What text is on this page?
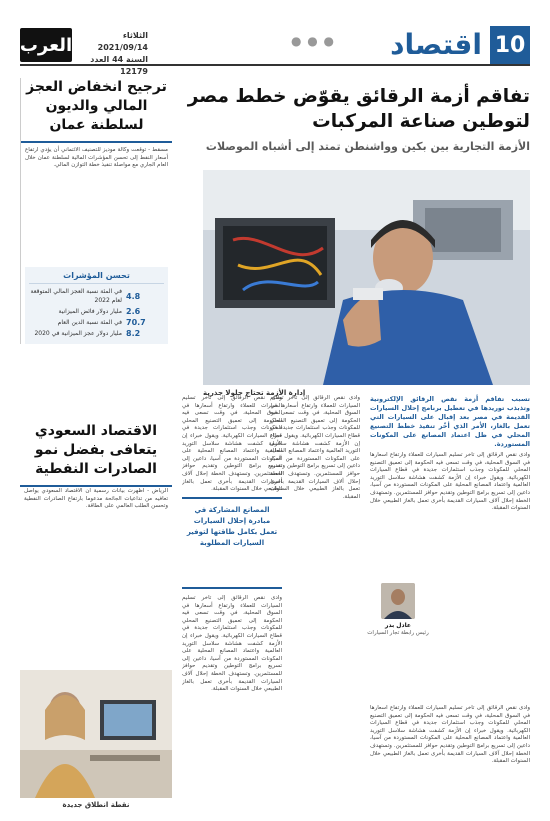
10
اقتصاد
● ● ●
العرب	الثلاثاء 2021/09/14
السنة 44 العدد 12179
تفاقم أزمة الرقائق يقوّض خطط مصر لتوطين صناعة المركبات
الأزمة التجارية بين بكين وواشنطن تمتد إلى أشباه الموصلات
إدارة الأزمة تحتاج حلولا جذرية
تسبب تفاقم أزمة نقص الرقائق الإلكترونية وتذبذب توريدها في تعطيل برنامج إحلال السيارات القديمة في مصر بعد إقبال على السيارات التي تعمل بالغاز، الأمر الذي أخّر تنفيذ خطط التصنيع المحلي في ظل اعتماد المصانع على المكونات المستوردة.
وأدى نقص الرقائق إلى تأخر تسليم السيارات للعملاء وارتفاع أسعارها في السوق المحلية، في وقت تسعى فيه الحكومة إلى تعميق التصنيع المحلي للمكونات وجذب استثمارات جديدة في قطاع السيارات الكهربائية. ويقول خبراء إن الأزمة كشفت هشاشة سلاسل التوريد العالمية واعتماد المصانع المحلية على المكونات المستوردة من آسيا، داعين إلى تسريع برامج التوطين وتقديم حوافز للمستثمرين. وتستهدف الخطة إحلال آلاف السيارات القديمة بأخرى تعمل بالغاز الطبيعي خلال السنوات المقبلة.
وأدى نقص الرقائق إلى تأخر تسليم السيارات للعملاء وارتفاع أسعارها في السوق المحلية، في وقت تسعى فيه الحكومة إلى تعميق التصنيع المحلي للمكونات وجذب استثمارات جديدة في قطاع السيارات الكهربائية. ويقول خبراء إن الأزمة كشفت هشاشة سلاسل التوريد العالمية واعتماد المصانع المحلية على المكونات المستوردة من آسيا، داعين إلى تسريع برامج التوطين وتقديم حوافز للمستثمرين. وتستهدف الخطة إحلال آلاف السيارات القديمة بأخرى تعمل بالغاز الطبيعي خلال السنوات المقبلة.
وأدى نقص الرقائق إلى تأخر تسليم السيارات للعملاء وارتفاع أسعارها في السوق المحلية، في وقت تسعى فيه الحكومة إلى تعميق التصنيع المحلي للمكونات وجذب استثمارات جديدة في قطاع السيارات الكهربائية. ويقول خبراء إن الأزمة كشفت هشاشة سلاسل التوريد العالمية واعتماد المصانع المحلية على المكونات المستوردة من آسيا، داعين إلى تسريع برامج التوطين وتقديم حوافز للمستثمرين. وتستهدف الخطة إحلال آلاف السيارات القديمة بأخرى تعمل بالغاز الطبيعي خلال السنوات المقبلة.
وأدى نقص الرقائق إلى تأخر تسليم السيارات للعملاء وارتفاع أسعارها في السوق المحلية، في وقت تسعى فيه الحكومة إلى تعميق التصنيع المحلي للمكونات وجذب استثمارات جديدة في قطاع السيارات الكهربائية. ويقول خبراء إن الأزمة كشفت هشاشة سلاسل التوريد العالمية واعتماد المصانع المحلية على المكونات المستوردة من آسيا، داعين إلى تسريع برامج التوطين وتقديم حوافز للمستثمرين. وتستهدف الخطة إحلال آلاف السيارات القديمة بأخرى تعمل بالغاز الطبيعي خلال السنوات المقبلة.
وأدى نقص الرقائق إلى تأخر تسليم السيارات للعملاء وارتفاع أسعارها في السوق المحلية، في وقت تسعى فيه الحكومة إلى تعميق التصنيع المحلي للمكونات وجذب استثمارات جديدة في قطاع السيارات الكهربائية. ويقول خبراء إن الأزمة كشفت هشاشة سلاسل التوريد العالمية واعتماد المصانع المحلية على المكونات المستوردة من آسيا، داعين إلى تسريع برامج التوطين وتقديم حوافز للمستثمرين. وتستهدف الخطة إحلال آلاف السيارات القديمة بأخرى تعمل بالغاز الطبيعي خلال السنوات المقبلة.
المصانع المشاركة في مبادرة إحلال السيارات تعمل بكامل طاقتها لتوفير السيارات المطلوبة
عادل بدر
رئيس رابطة تجار السيارات
ترجيح انخفاض العجز المالي والديون لسلطنة عمان
مسقط - توقعت وكالة موديز للتصنيف الائتماني أن يؤدي ارتفاع أسعار النفط إلى تحسن المؤشرات المالية لسلطنة عمان خلال العام الجاري مع مواصلة تنفيذ خطة التوازن المالي.
تحسن المؤشرات
4.8
في المئة نسبة العجز المالي المتوقعة لعام 2022
2.6
مليار دولار فائض الميزانية
70.7
في المئة نسبة الدين العام
8.2
مليار دولار عجز الميزانية في 2020
الاقتصاد السعودي يتعافى بفضل نمو الصادرات النفطية
الرياض - أظهرت بيانات رسمية أن الاقتصاد السعودي يواصل تعافيه من تداعيات الجائحة مدعوما بارتفاع الصادرات النفطية وتحسن الطلب العالمي على الطاقة.
نقطة انطلاق جديدة
